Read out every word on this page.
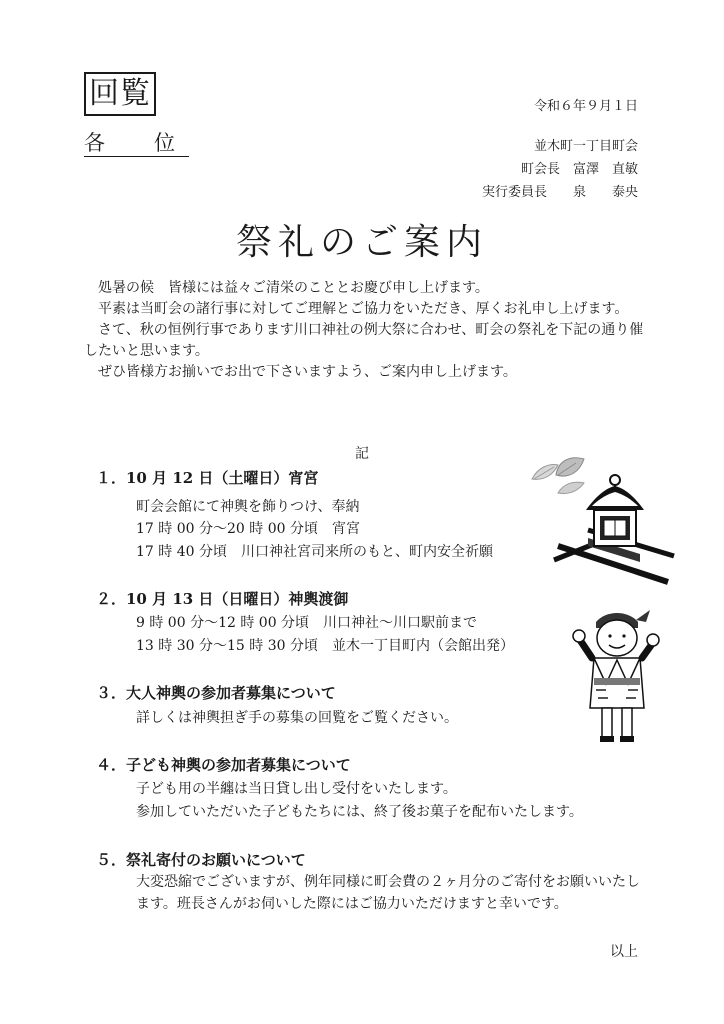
回覧
各　位
令和６年９月１日
並木町一丁目町会
町会長　富澤　直敏
実行委員長　　泉　　泰央
祭礼のご案内

処暑の候　皆様には益々ご清栄のこととお慶び申し上げます。

平素は当町会の諸行事に対してご理解とご協力をいただき、厚くお礼申し上げます。

さて、秋の恒例行事であります川口神社の例大祭に合わせ、町会の祭礼を下記の通り催したいと思います。

ぜひ皆様方お揃いでお出で下さいますよう、ご案内申し上げます。

記
１．10 月 12 日（土曜日）宵宮
町会会館にて神輿を飾りつけ、奉納
17 時 00 分～20 時 00 分頃　宵宮
17 時 40 分頃　川口神社宮司来所のもと、町内安全祈願
２．10 月 13 日（日曜日）神輿渡御
9 時 00 分～12 時 00 分頃　川口神社～川口駅前まで
13 時 30 分～15 時 30 分頃　並木一丁目町内（会館出発）
３．大人神輿の参加者募集について
詳しくは神輿担ぎ手の募集の回覧をご覧ください。
４．子ども神輿の参加者募集について
子ども用の半纏は当日貸し出し受付をいたします。
参加していただいた子どもたちには、終了後お菓子を配布いたします。
５．祭礼寄付のお願いについて
大変恐縮でございますが、例年同様に町会費の２ヶ月分のご寄付をお願いいたします。班長さんがお伺いした際にはご協力いただけますと幸いです。
以上
